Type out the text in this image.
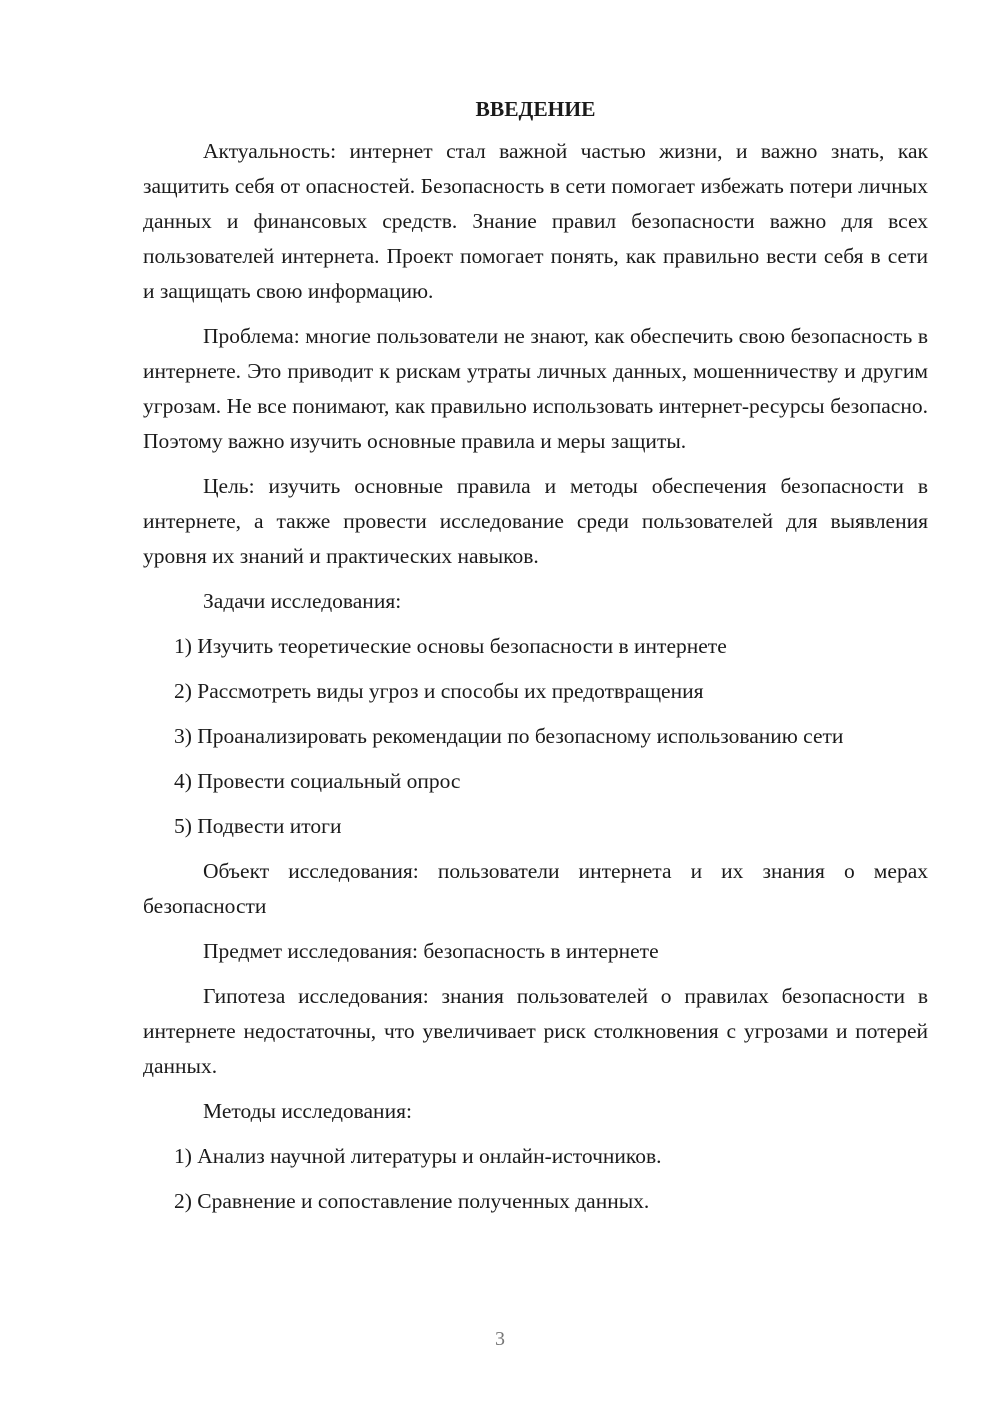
ВВЕДЕНИЕ

Актуальность: интернет стал важной частью жизни, и важно знать, как защитить себя от опасностей. Безопасность в сети помогает избежать потери личных данных и финансовых средств. Знание правил безопасности важно для всех пользователей интернета. Проект помогает понять, как правильно вести себя в сети и защищать свою информацию.

Проблема: многие пользователи не знают, как обеспечить свою безопасность в интернете. Это приводит к рискам утраты личных данных, мошенничеству и другим угрозам. Не все понимают, как правильно использовать интернет-ресурсы безопасно. Поэтому важно изучить основные правила и меры защиты.

Цель: изучить основные правила и методы обеспечения безопасности в интернете, а также провести исследование среди пользователей для выявления уровня их знаний и практических навыков.

Задачи исследования:

1) Изучить теоретические основы безопасности в интернете

2) Рассмотреть виды угроз и способы их предотвращения

3) Проанализировать рекомендации по безопасному использованию сети

4) Провести социальный опрос

5) Подвести итоги

Объект исследования: пользователи интернета и их знания о мерах безопасности

Предмет исследования: безопасность в интернете

Гипотеза исследования: знания пользователей о правилах безопасности в интернете недостаточны, что увеличивает риск столкновения с угрозами и потерей данных.

Методы исследования:

1) Анализ научной литературы и онлайн-источников.

2) Сравнение и сопоставление полученных данных.

3
